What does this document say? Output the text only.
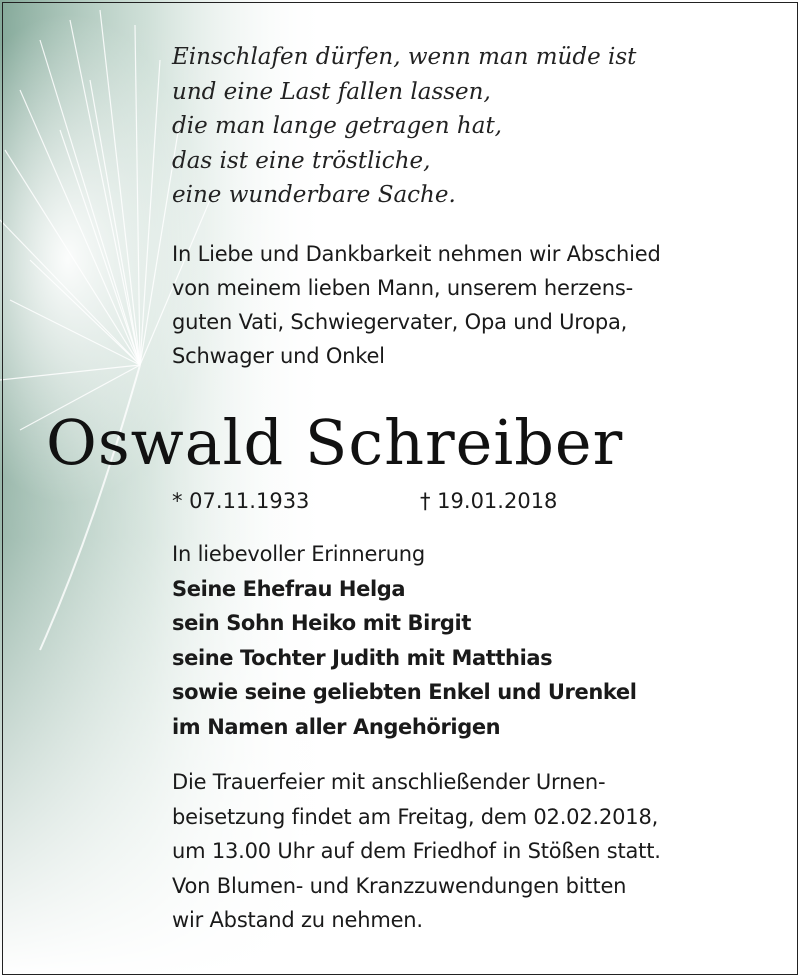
Einschlafen dürfen, wenn man müde ist
und eine Last fallen lassen,
die man lange getragen hat,
das ist eine tröstliche,
eine wunderbare Sache.
In Liebe und Dankbarkeit nehmen wir Abschied
von meinem lieben Mann, unserem herzens-
guten Vati, Schwiegervater, Opa und Uropa,
Schwager und Onkel
Oswald Schreiber
* 07.11.1933	† 19.01.2018
In liebevoller Erinnerung
Seine Ehefrau Helga
sein Sohn Heiko mit Birgit
seine Tochter Judith mit Matthias
sowie seine geliebten Enkel und Urenkel
im Namen aller Angehörigen
Die Trauerfeier mit anschließender Urnen-
beisetzung findet am Freitag, dem 02.02.2018,
um 13.00 Uhr auf dem Friedhof in Stößen statt.
Von Blumen- und Kranzzuwendungen bitten
wir Abstand zu nehmen.
